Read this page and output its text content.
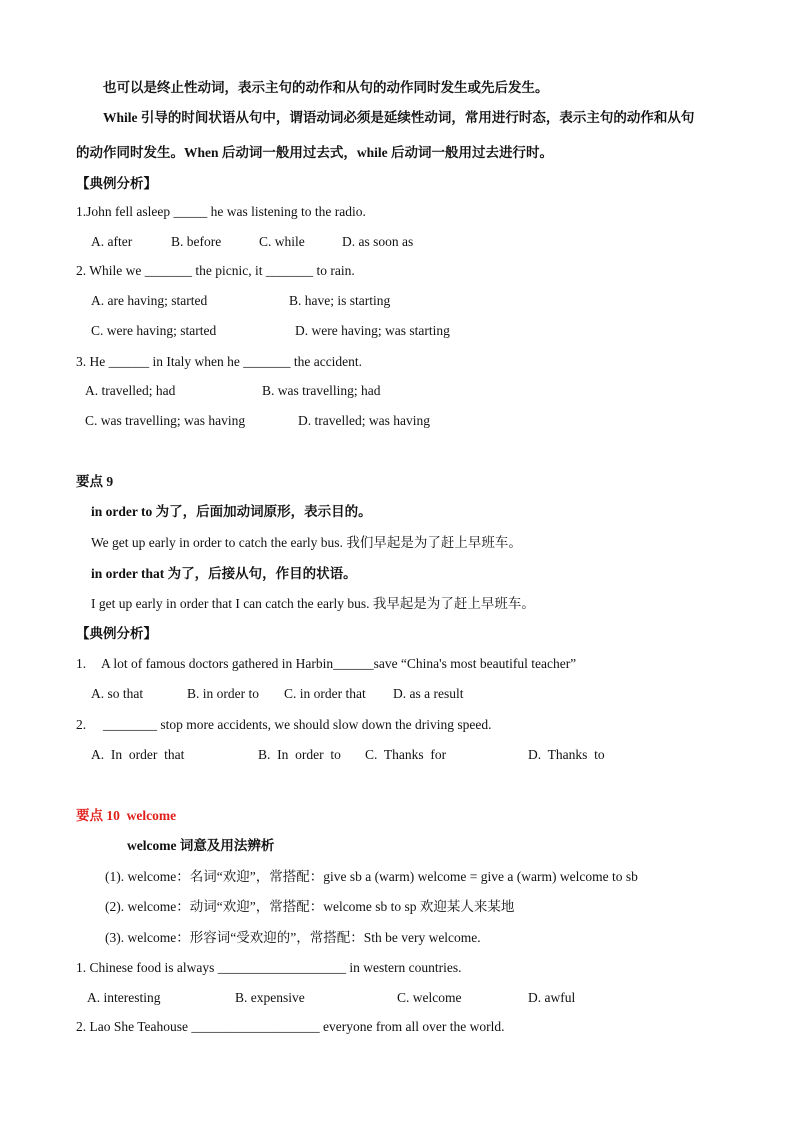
也可以是终止性动词，表示主句的动作和从句的动作同时发生或先后发生。
While 引导的时间状语从句中，谓语动词必须是延续性动词，常用进行时态，表示主句的动作和从句
的动作同时发生。When 后动词一般用过去式，while 后动词一般用过去进行时。
【典例分析】
1.John fell asleep _____ he was listening to the radio.
A. after	B. before	C. while	D. as soon as
2. While we _______ the picnic, it _______ to rain.
A. are having; started	B. have; is starting
C. were having; started	D. were having; was starting
3. He ______ in Italy when he _______ the accident.
A. travelled; had	B. was travelling; had
C. was travelling; was having	D. travelled; was having
要点 9
in order to 为了，后面加动词原形，表示目的。
We get up early in order to catch the early bus. 我们早起是为了赶上早班车。
in order that 为了，后接从句，作目的状语。
I get up early in order that I can catch the early bus. 我早起是为了赶上早班车。
【典例分析】
1. A lot of famous doctors gathered in Harbin______save “China's most beautiful teacher”
A. so that	B. in order to C. in order that D. as a result
2. ________ stop more accidents, we should slow down the driving speed.
A.  In  order  that	B.  In  order  to C.  Thanks  for	D.  Thanks  to
要点 10  welcome
welcome 词意及用法辨析
(1). welcome：名词“欢迎”，常搭配：give sb a (warm) welcome = give a (warm) welcome to sb
(2). welcome：动词“欢迎”，常搭配：welcome sb to sp 欢迎某人来某地
(3). welcome：形容词“受欢迎的”，常搭配：Sth be very welcome.
1. Chinese food is always ___________________ in western countries.
A. interesting	B. expensive	C. welcome	D. awful
2. Lao She Teahouse ___________________ everyone from all over the world.
